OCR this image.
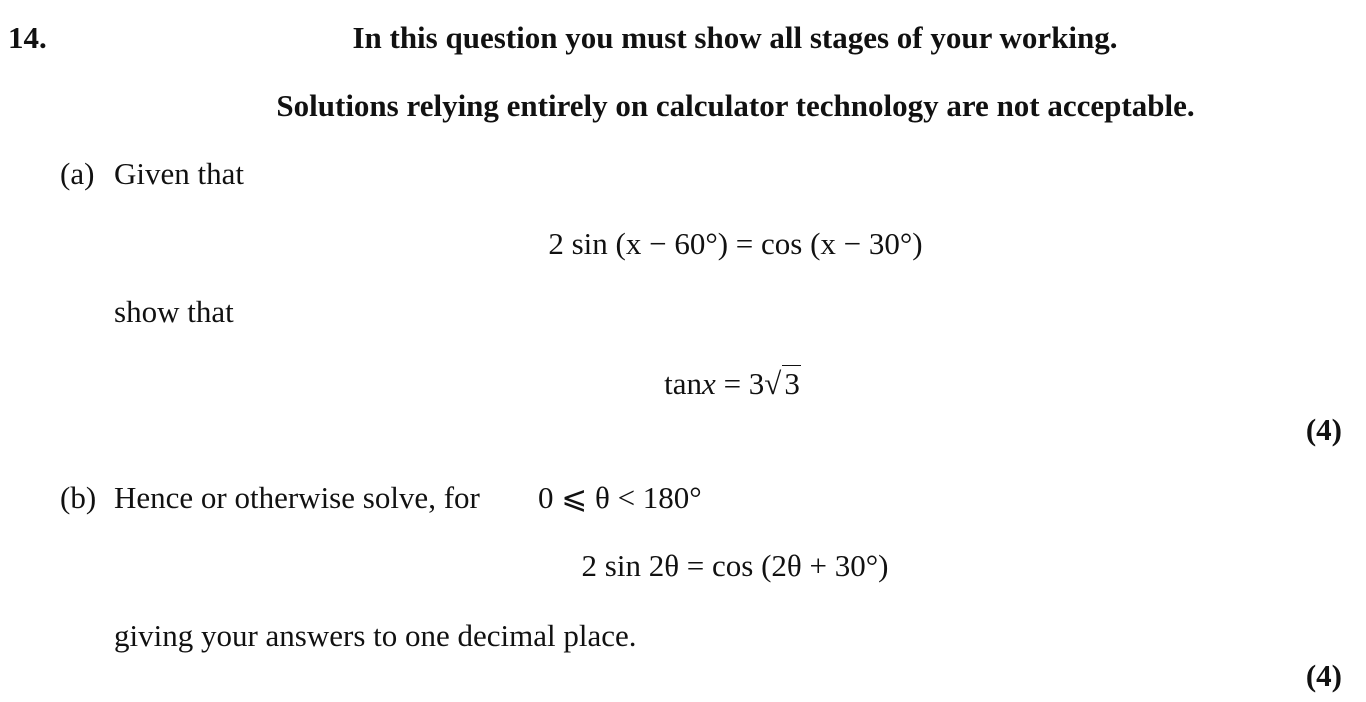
14.	In this question you must show all stages of your working.
Solutions relying entirely on calculator technology are not acceptable.
(a) Given that
2 sin (x − 60°) = cos (x − 30°)
show that
tanx = 3√3
(4)
(b) Hence or otherwise solve, for 0 ⩽ θ < 180°
2 sin 2θ = cos (2θ + 30°)
giving your answers to one decimal place.
(4)
